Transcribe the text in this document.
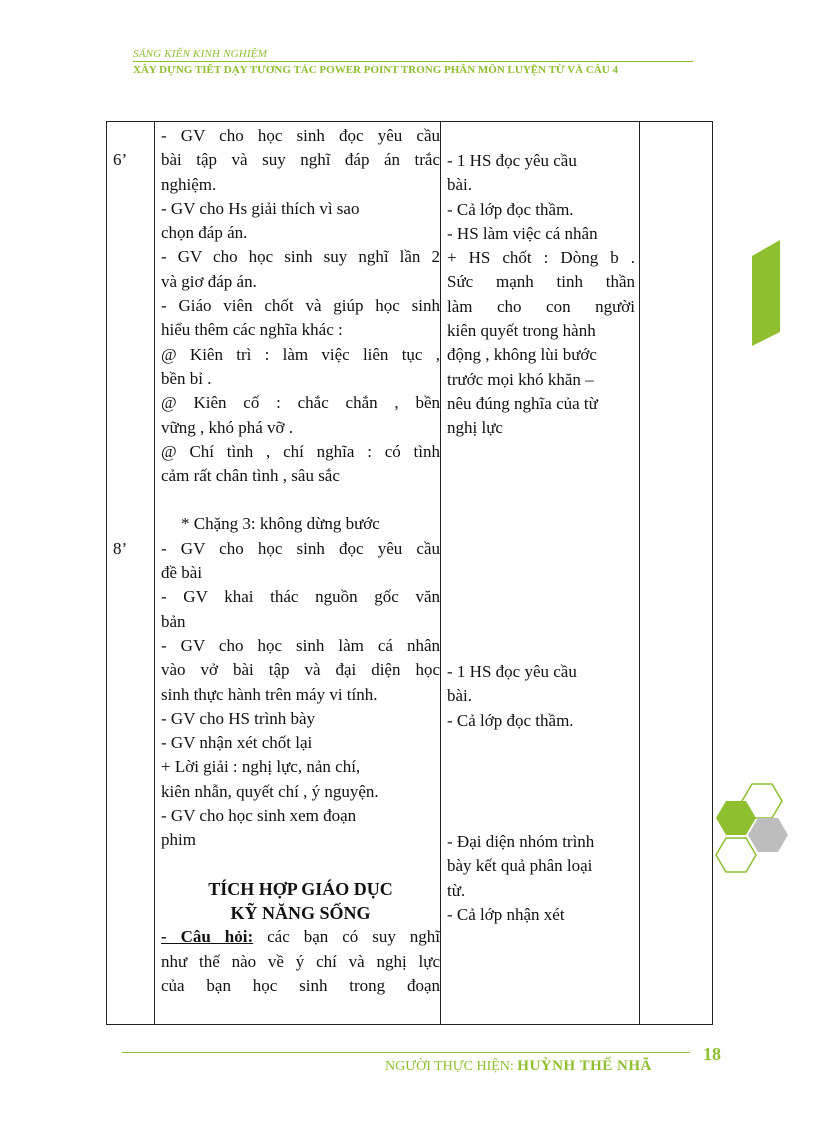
SÁNG KIẾN KINH NGHIỆM
XÂY DỰNG TIẾT DẠY TƯƠNG TÁC POWER POINT TRONG PHÂN MÔN LUYỆN TỪ VÀ CÂU 4
6’
8’
- GV cho học sinh đọc yêu cầu
bài tập và suy nghĩ đáp án trắc
nghiệm.
- GV cho Hs giải thích vì sao
chọn đáp án.
- GV cho học sinh suy nghĩ lần 2
và giơ đáp án.
- Giáo viên chốt và giúp học sinh
hiểu thêm các nghĩa khác :
@ Kiên trì : làm việc liên tục ,
bền bỉ .
@ Kiên cố : chắc chắn , bền
vững , khó phá vỡ .
@ Chí tình , chí nghĩa : có tình
cảm rất chân tình , sâu sắc
* Chặng 3: không dừng bước
- GV cho học sinh đọc yêu cầu
đề bài
- GV khai thác nguồn gốc văn
bản
- GV cho học sinh làm cá nhân
vào vở bài tập và đại diện học
sinh thực hành trên máy vi tính.
- GV cho HS trình bày
- GV nhận xét chốt lại
+ Lời giải : nghị lực, nản chí,
kiên nhẫn, quyết chí , ý nguyện.
- GV cho học sinh xem đoạn
phim
TÍCH HỢP GIÁO DỤC
KỸ NĂNG SỐNG
- Câu hỏi: các bạn có suy nghĩ
như thế nào về ý chí và nghị lực
của bạn học sinh trong đoạn
- 1 HS đọc yêu cầu
bài.
- Cả lớp đọc thầm.
- HS làm việc cá nhân
+ HS chốt : Dòng b .
Sức mạnh tinh thần
làm cho con người
kiên quyết trong hành
động , không lùi bước
trước mọi khó khăn –
nêu đúng nghĩa của từ
nghị lực
- 1 HS đọc yêu cầu
bài.
- Cả lớp đọc thầm.
- Đại diện nhóm trình
bày kết quả phân loại
từ.
- Cả lớp nhận xét
NGƯỜI THỰC HIỆN: HUỲNH THẾ NHÃ
18
